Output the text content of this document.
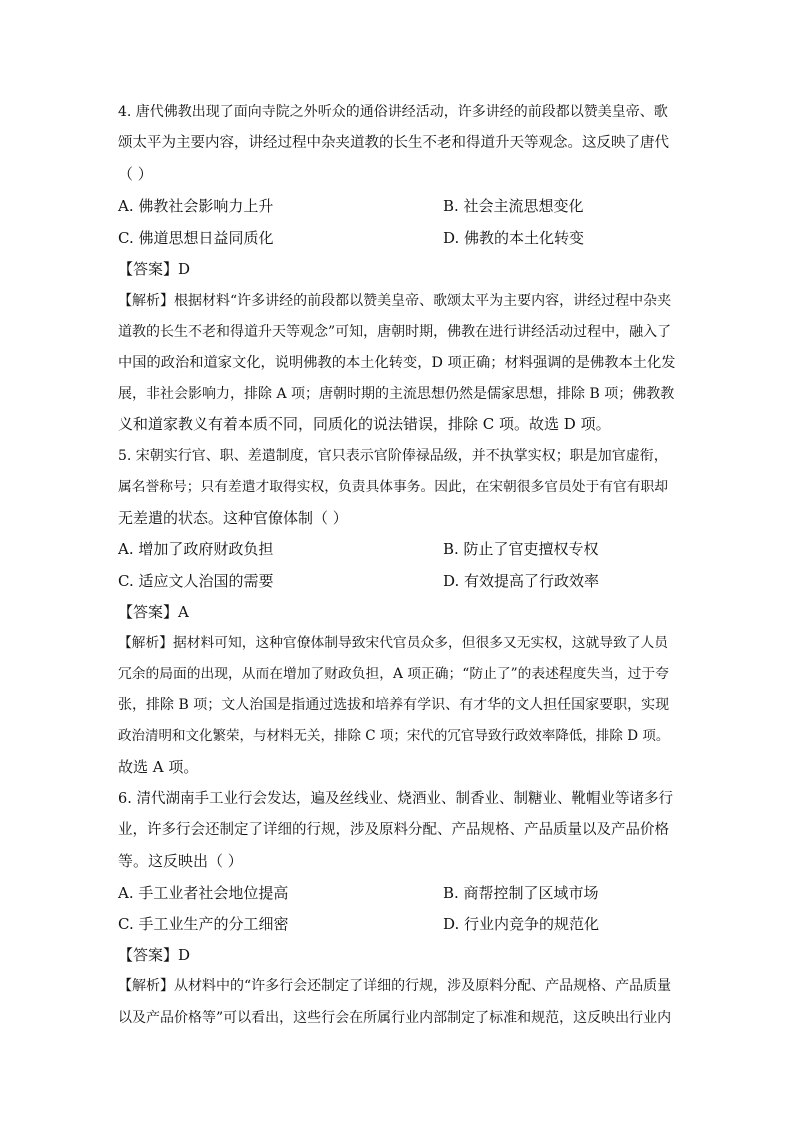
4. 唐代佛教出现了面向寺院之外听众的通俗讲经活动，许多讲经的前段都以赞美皇帝、歌
颂太平为主要内容，讲经过程中杂夹道教的长生不老和得道升天等观念。这反映了唐代
（ ）
A. 佛教社会影响力上升	B. 社会主流思想变化
C. 佛道思想日益同质化	D. 佛教的本土化转变
【答案】D
【解析】根据材料“许多讲经的前段都以赞美皇帝、歌颂太平为主要内容，讲经过程中杂夹
道教的长生不老和得道升天等观念”可知，唐朝时期，佛教在进行讲经活动过程中，融入了
中国的政治和道家文化，说明佛教的本土化转变，D 项正确；材料强调的是佛教本土化发
展，非社会影响力，排除 A 项；唐朝时期的主流思想仍然是儒家思想，排除 B 项；佛教教
义和道家教义有着本质不同，同质化的说法错误，排除 C 项。故选 D 项。
5. 宋朝实行官、职、差遣制度，官只表示官阶俸禄品级，并不执掌实权；职是加官虚衔，
属名誉称号；只有差遣才取得实权，负责具体事务。因此，在宋朝很多官员处于有官有职却
无差遣的状态。这种官僚体制（ ）
A. 增加了政府财政负担	B. 防止了官吏擅权专权
C. 适应文人治国的需要	D. 有效提高了行政效率
【答案】A
【解析】据材料可知，这种官僚体制导致宋代官员众多，但很多又无实权，这就导致了人员
冗余的局面的出现，从而在增加了财政负担，A 项正确；“防止了”的表述程度失当，过于夸
张，排除 B 项；文人治国是指通过选拔和培养有学识、有才华的文人担任国家要职，实现
政治清明和文化繁荣，与材料无关，排除 C 项；宋代的冗官导致行政效率降低，排除 D 项。
故选 A 项。
6. 清代湖南手工业行会发达，遍及丝线业、烧酒业、制香业、制糖业、靴帽业等诸多行
业，许多行会还制定了详细的行规，涉及原料分配、产品规格、产品质量以及产品价格
等。这反映出（ ）
A. 手工业者社会地位提高	B. 商帮控制了区域市场
C. 手工业生产的分工细密	D. 行业内竞争的规范化
【答案】D
【解析】从材料中的“许多行会还制定了详细的行规，涉及原料分配、产品规格、产品质量
以及产品价格等”可以看出，这些行会在所属行业内部制定了标准和规范，这反映出行业内
